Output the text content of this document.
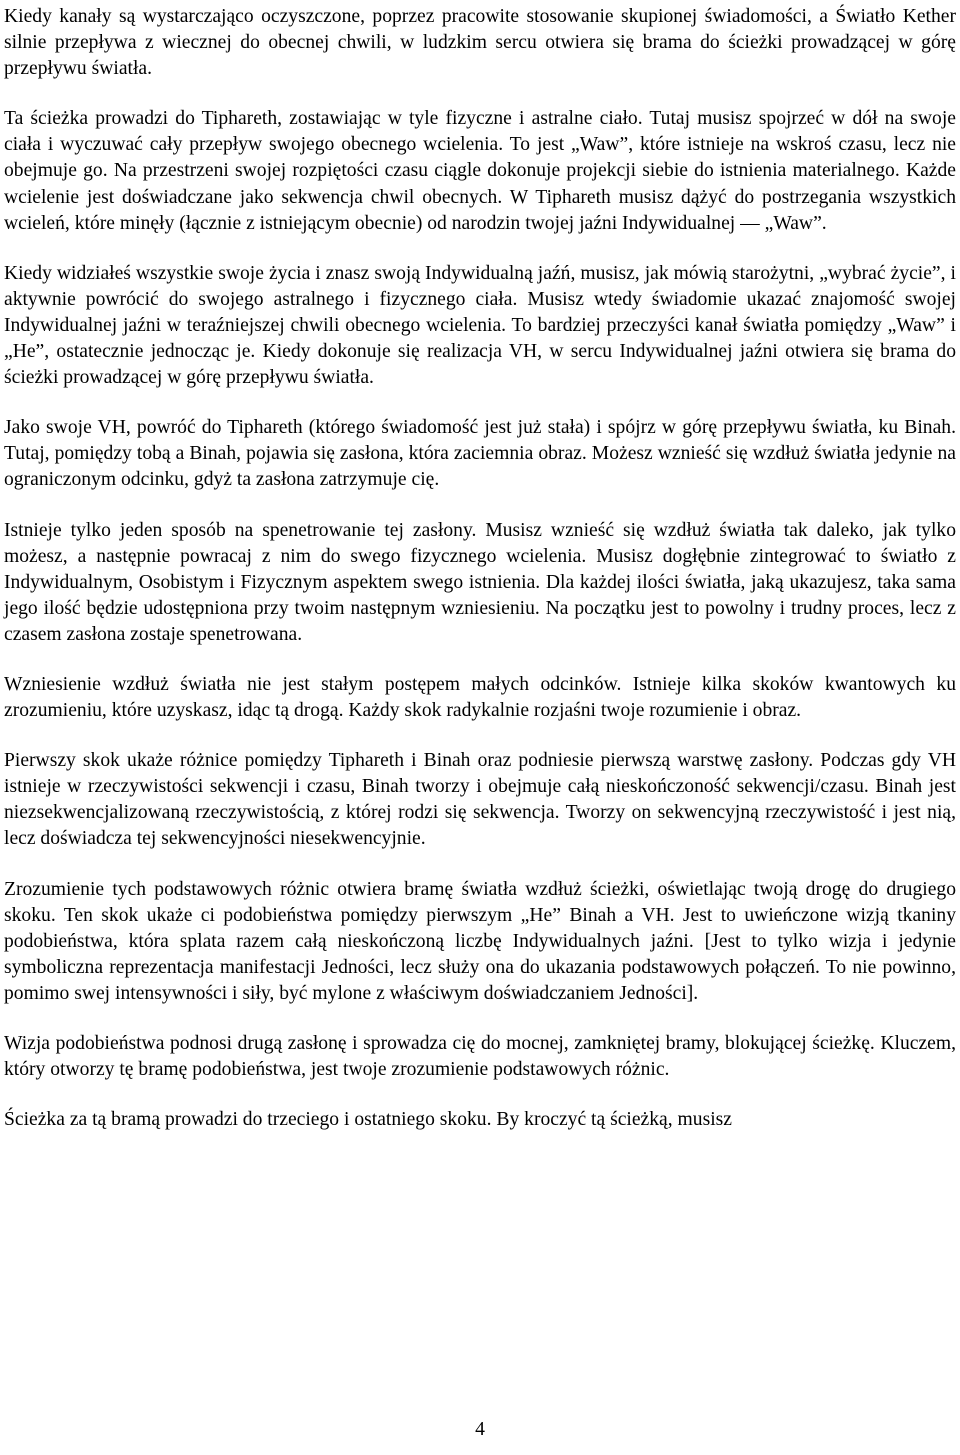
Kiedy kanały są wystarczająco oczyszczone, poprzez pracowite stosowanie skupionej świadomości, a Światło Kether silnie przepływa z wiecznej do obecnej chwili, w ludzkim sercu otwiera się brama do ścieżki prowadzącej w górę przepływu światła.

Ta ścieżka prowadzi do Tiphareth, zostawiając w tyle fizyczne i astralne ciało. Tutaj musisz spojrzeć w dół na swoje ciała i wyczuwać cały przepływ swojego obecnego wcielenia. To jest „Waw”, które istnieje na wskroś czasu, lecz nie obejmuje go. Na przestrzeni swojej rozpiętości czasu ciągle dokonuje projekcji siebie do istnienia materialnego. Każde wcielenie jest doświadczane jako sekwencja chwil obecnych. W Tiphareth musisz dążyć do postrzegania wszystkich wcieleń, które minęły (łącznie z istniejącym obecnie) od narodzin twojej jaźni Indywidualnej — „Waw”.

Kiedy widziałeś wszystkie swoje życia i znasz swoją Indywidualną jaźń, musisz, jak mówią starożytni, „wybrać życie”, i aktywnie powrócić do swojego astralnego i fizycznego ciała. Musisz wtedy świadomie ukazać znajomość swojej Indywidualnej jaźni w teraźniejszej chwili obecnego wcielenia. To bardziej przeczyści kanał światła pomiędzy „Waw” i „He”, ostatecznie jednocząc je. Kiedy dokonuje się realizacja VH, w sercu Indywidualnej jaźni otwiera się brama do ścieżki prowadzącej w górę przepływu światła.

Jako swoje VH, powróć do Tiphareth (którego świadomość jest już stała) i spójrz w górę przepływu światła, ku Binah. Tutaj, pomiędzy tobą a Binah, pojawia się zasłona, która zaciemnia obraz. Możesz wznieść się wzdłuż światła jedynie na ograniczonym odcinku, gdyż ta zasłona zatrzymuje cię.

Istnieje tylko jeden sposób na spenetrowanie tej zasłony. Musisz wznieść się wzdłuż światła tak daleko, jak tylko możesz, a następnie powracaj z nim do swego fizycznego wcielenia. Musisz dogłębnie zintegrować to światło z Indywidualnym, Osobistym i Fizycznym aspektem swego istnienia. Dla każdej ilości światła, jaką ukazujesz, taka sama jego ilość będzie udostępniona przy twoim następnym wzniesieniu. Na początku jest to powolny i trudny proces, lecz z czasem zasłona zostaje spenetrowana.

Wzniesienie wzdłuż światła nie jest stałym postępem małych odcinków. Istnieje kilka skoków kwantowych ku zrozumieniu, które uzyskasz, idąc tą drogą. Każdy skok radykalnie rozjaśni twoje rozumienie i obraz.

Pierwszy skok ukaże różnice pomiędzy Tiphareth i Binah oraz podniesie pierwszą warstwę zasłony. Podczas gdy VH istnieje w rzeczywistości sekwencji i czasu, Binah tworzy i obejmuje całą nieskończoność sekwencji/czasu. Binah jest niezsekwencjalizowaną rzeczywistością, z której rodzi się sekwencja. Tworzy on sekwencyjną rzeczywistość i jest nią, lecz doświadcza tej sekwencyjności niesekwencyjnie.

Zrozumienie tych podstawowych różnic otwiera bramę światła wzdłuż ścieżki, oświetlając twoją drogę do drugiego skoku. Ten skok ukaże ci podobieństwa pomiędzy pierwszym „He” Binah a VH. Jest to uwieńczone wizją tkaniny podobieństwa, która splata razem całą nieskończoną liczbę Indywidualnych jaźni. [Jest to tylko wizja i jedynie symboliczna reprezentacja manifestacji Jedności, lecz służy ona do ukazania podstawowych połączeń. To nie powinno, pomimo swej intensywności i siły, być mylone z właściwym doświadczaniem Jedności].

Wizja podobieństwa podnosi drugą zasłonę i sprowadza cię do mocnej, zamkniętej bramy, blokującej ścieżkę. Kluczem, który otworzy tę bramę podobieństwa, jest twoje zrozumienie podstawowych różnic.

Ścieżka za tą bramą prowadzi do trzeciego i ostatniego skoku. By kroczyć tą ścieżką, musisz

4
